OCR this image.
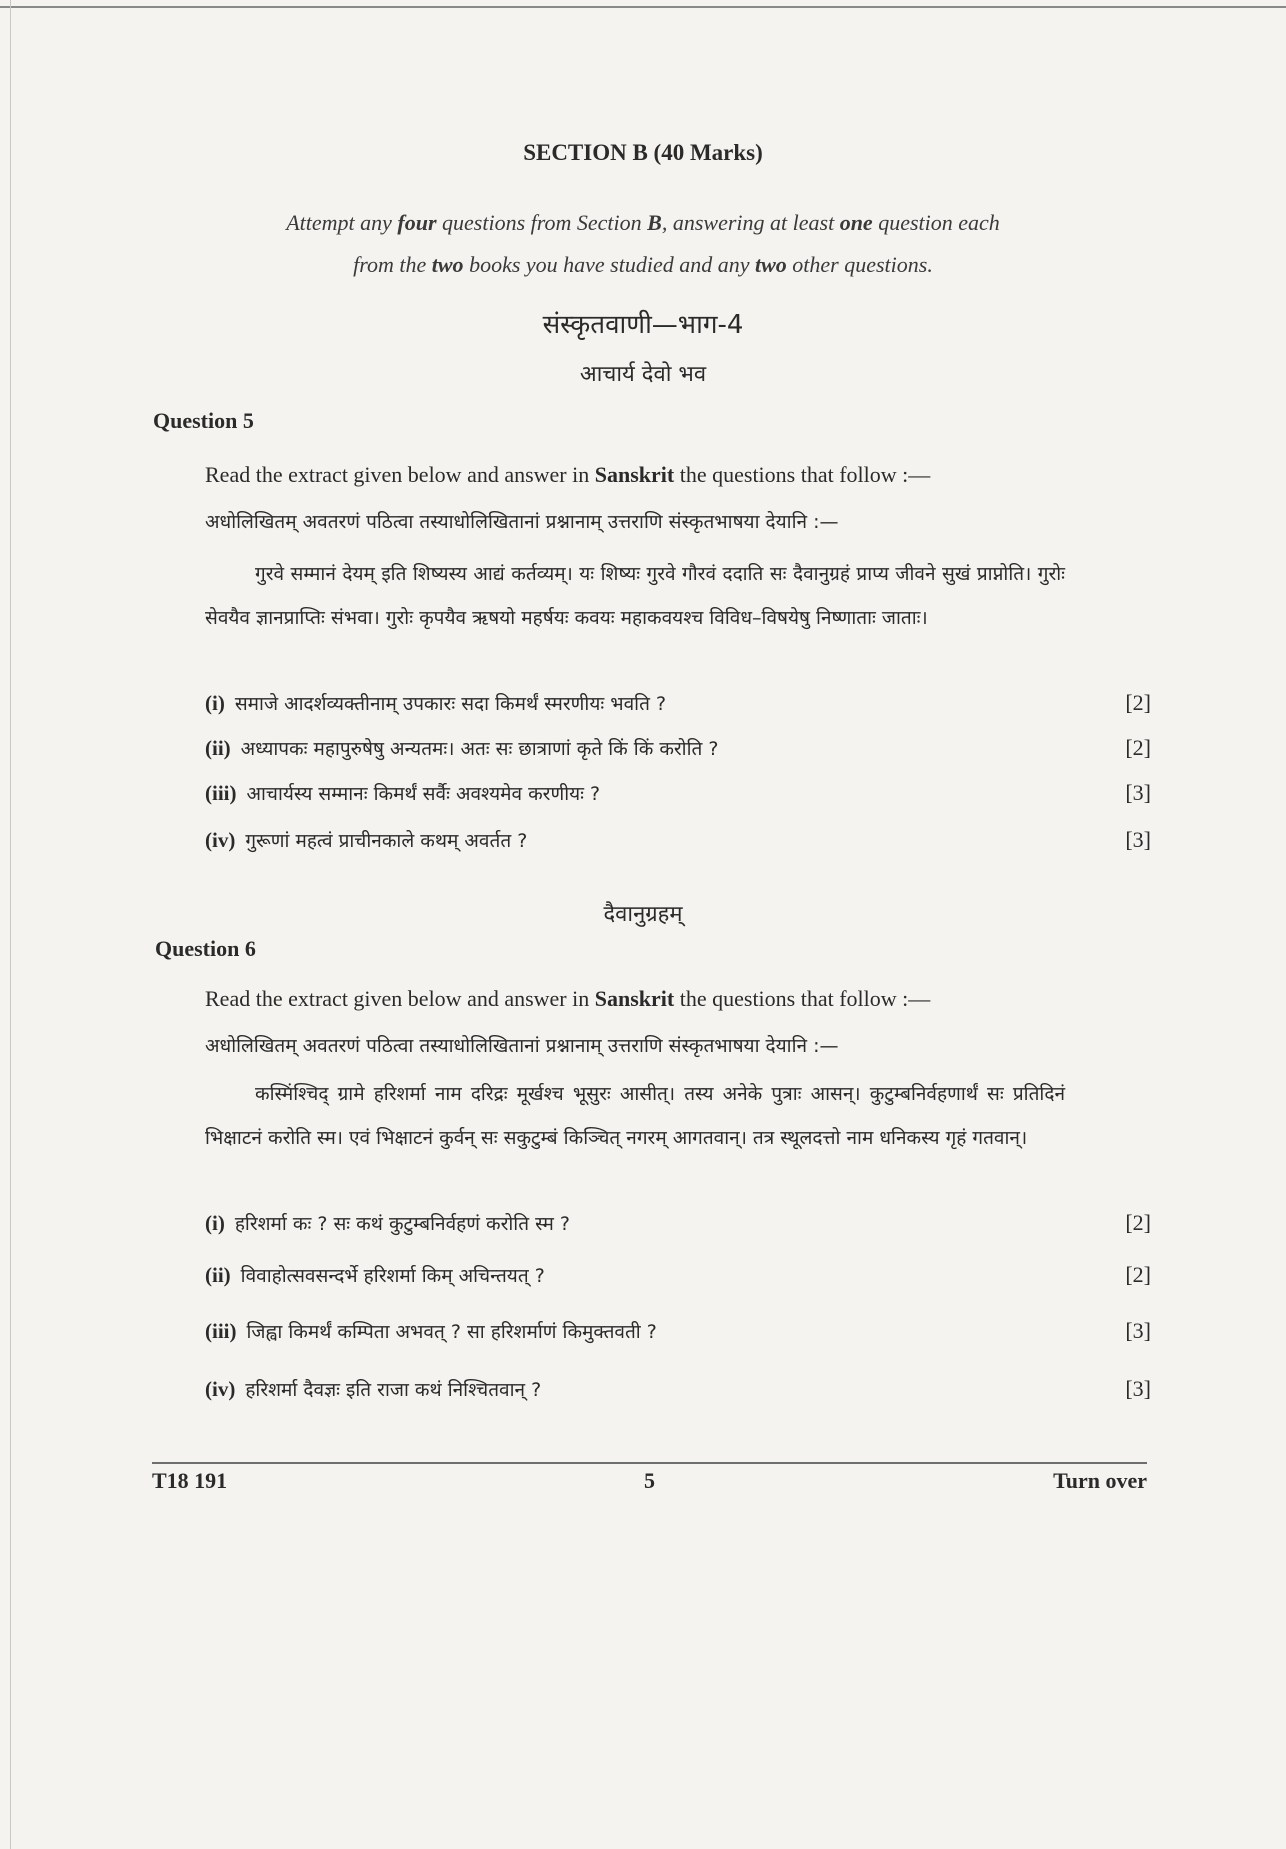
SECTION B (40 Marks)
Attempt any four questions from Section B, answering at least one question each
from the two books you have studied and any two other questions.
संस्कृतवाणी—भाग-4
आचार्य देवो भव
Question 5
Read the extract given below and answer in Sanskrit the questions that follow :—
अधोलिखितम् अवतरणं पठित्वा तस्याधोलिखितानां प्रश्नानाम् उत्तराणि संस्कृतभाषया देयानि :—
गुरवे सम्मानं देयम् इति शिष्यस्य आद्यं कर्तव्यम्। यः शिष्यः गुरवे गौरवं ददाति सः दैवानुग्रहं प्राप्य जीवने सुखं प्राप्नोति। गुरोः सेवयैव ज्ञानप्राप्तिः संभवा। गुरोः कृपयैव ऋषयो महर्षयः कवयः महाकवयश्च विविध–विषयेषु निष्णाताः जाताः।
(i) समाजे आदर्शव्यक्तीनाम् उपकारः सदा किमर्थं स्मरणीयः भवति ?	[2]
(ii) अध्यापकः महापुरुषेषु अन्यतमः। अतः सः छात्राणां कृते किं किं करोति ?	[2]
(iii) आचार्यस्य सम्मानः किमर्थं सर्वैः अवश्यमेव करणीयः ?	[3]
(iv) गुरूणां महत्वं प्राचीनकाले कथम् अवर्तत ?	[3]
दैवानुग्रहम्
Question 6
Read the extract given below and answer in Sanskrit the questions that follow :—
अधोलिखितम् अवतरणं पठित्वा तस्याधोलिखितानां प्रश्नानाम् उत्तराणि संस्कृतभाषया देयानि :—
कस्मिंश्चिद् ग्रामे हरिशर्मा नाम दरिद्रः मूर्खश्च भूसुरः आसीत्। तस्य अनेके पुत्राः आसन्। कुटुम्बनिर्वहणार्थं सः प्रतिदिनं भिक्षाटनं करोति स्म। एवं भिक्षाटनं कुर्वन् सः सकुटुम्बं किञ्चित् नगरम् आगतवान्। तत्र स्थूलदत्तो नाम धनिकस्य गृहं गतवान्।
(i) हरिशर्मा कः ? सः कथं कुटुम्बनिर्वहणं करोति स्म ?	[2]
(ii) विवाहोत्सवसन्दर्भे हरिशर्मा किम् अचिन्तयत् ?	[2]
(iii) जिह्वा किमर्थं कम्पिता अभवत् ? सा हरिशर्माणं किमुक्तवती ?	[3]
(iv) हरिशर्मा दैवज्ञः इति राजा कथं निश्चितवान् ?	[3]
T18 191	5	Turn over
